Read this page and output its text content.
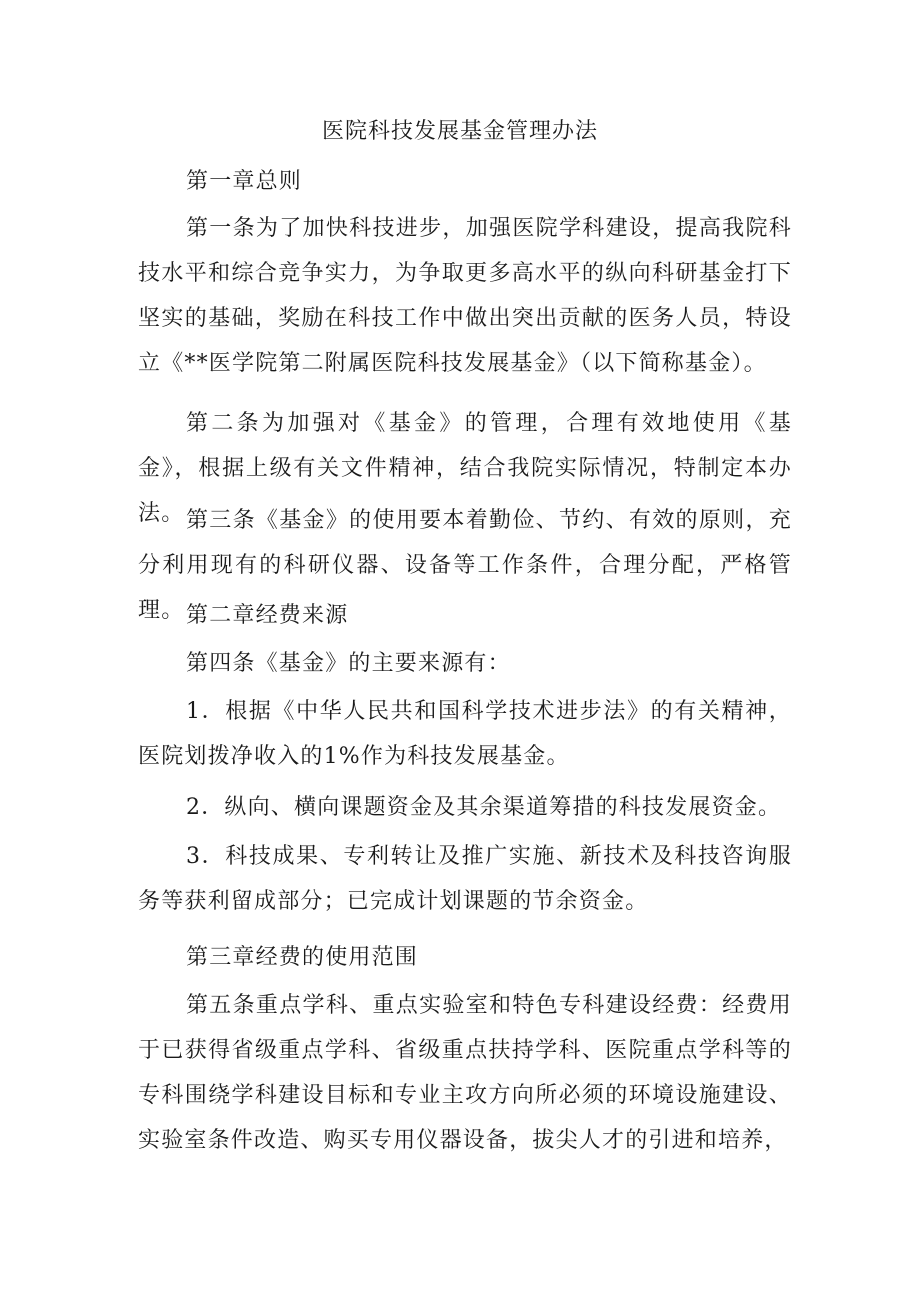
医院科技发展基金管理办法
第一章总则
第一条为了加快科技进步，加强医院学科建设，提高我院科技水平和综合竞争实力，为争取更多高水平的纵向科研基金打下坚实的基础，奖励在科技工作中做出突出贡献的医务人员，特设立《**医学院第二附属医院科技发展基金》（以下简称基金）。
第二条为加强对《基金》的管理，合理有效地使用《基金》，根据上级有关文件精神，结合我院实际情况，特制定本办法。 第三条《基金》的使用要本着勤俭、节约、有效的原则，充分利用现有的科研仪器、设备等工作条件，合理分配，严格管理。 第二章经费来源
第四条《基金》的主要来源有：
1．根据《中华人民共和国科学技术进步法》的有关精神，医院划拨净收入的1%作为科技发展基金。
2．纵向、横向课题资金及其余渠道筹措的科技发展资金。
3．科技成果、专利转让及推广实施、新技术及科技咨询服务等获利留成部分；已完成计划课题的节余资金。
第三章经费的使用范围
第五条重点学科、重点实验室和特色专科建设经费：经费用于已获得省级重点学科、省级重点扶持学科、医院重点学科等的专科围绕学科建设目标和专业主攻方向所必须的环境设施建设、实验室条件改造、购买专用仪器设备，拔尖人才的引进和培养，
